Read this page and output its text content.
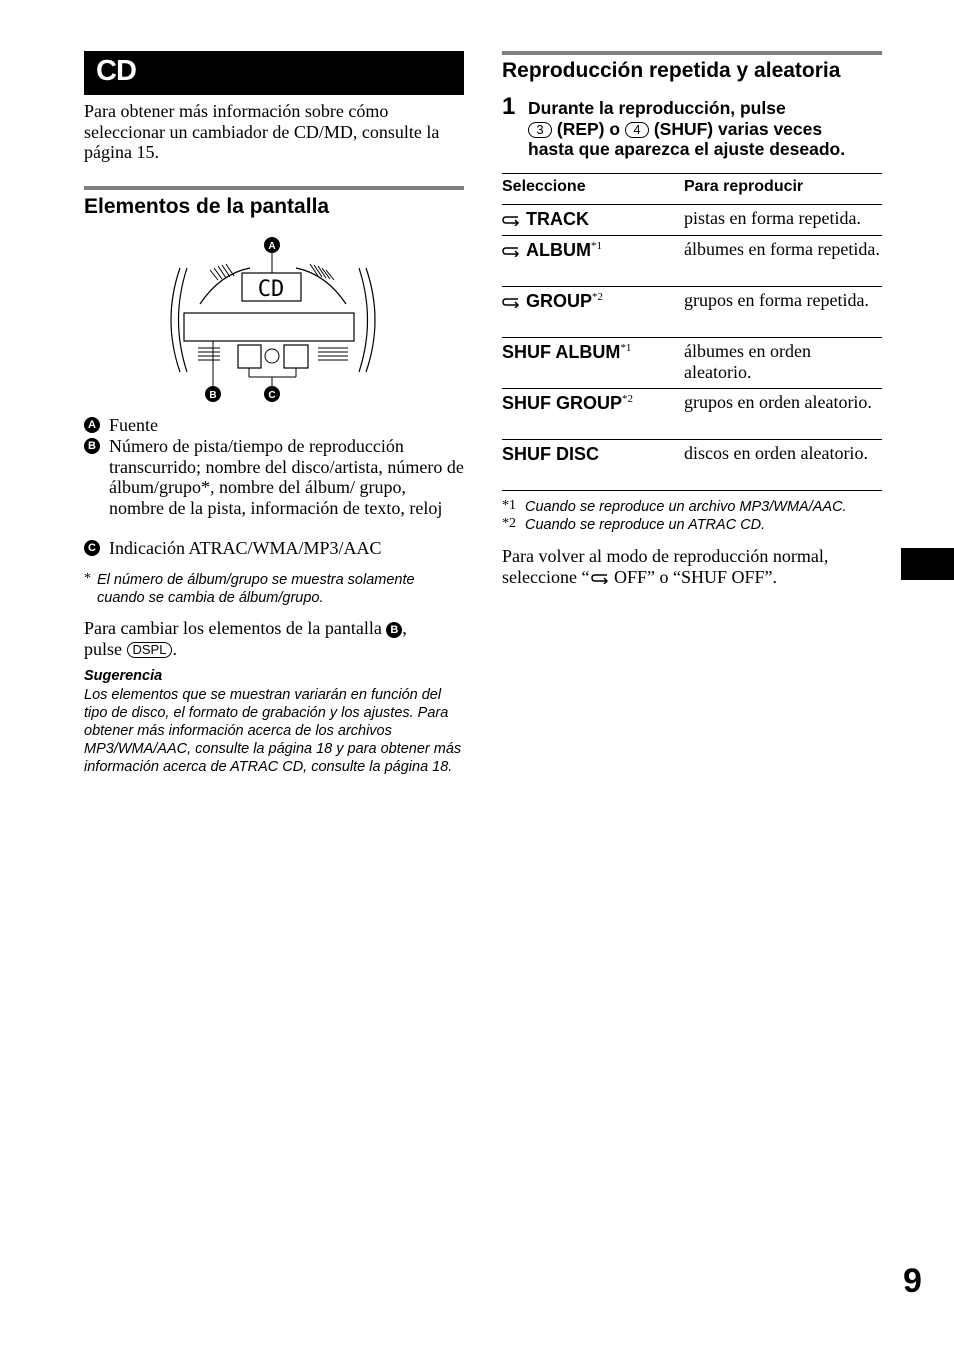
CD
Para obtener más información sobre cómo seleccionar un cambiador de CD/MD, consulte la página 15.
Elementos de la pantalla
CD
A
B	C
A Fuente
B Número de pista/tiempo de reproducción transcurrido; nombre del disco/artista, número de álbum/grupo*, nombre del álbum/ grupo, nombre de la pista, información de texto, reloj
C Indicación ATRAC/WMA/MP3/AAC
* El número de álbum/grupo se muestra solamente cuando se cambia de álbum/grupo.
Para cambiar los elementos de la pantalla B ,
pulse DSPL .
Sugerencia
Los elementos que se muestran variarán en función del tipo de disco, el formato de grabación y los ajustes. Para obtener más información acerca de los archivos MP3/WMA/AAC, consulte la página 18 y para obtener más información acerca de ATRAC CD, consulte la página 18.
Reproducción repetida y aleatoria
1 Durante la reproducción, pulse
3 (REP) o 4 (SHUF) varias veces
hasta que aparezca el ajuste deseado.
Seleccione	Para reproducir
TRACK	pistas en forma repetida.
ALBUM$^{*1}$	álbumes en forma repetida.
GROUP$^{*2}$	grupos en forma repetida.
SHUF ALBUM$^{*1}$	álbumes en orden aleatorio.
SHUF GROUP$^{*2}$	grupos en orden aleatorio.
SHUF DISC	discos en orden aleatorio.
*1 Cuando se reproduce un archivo MP3/WMA/AAC.
*2 Cuando se reproduce un ATRAC CD.
Para volver al modo de reproducción normal, seleccione “ OFF” o “SHUF OFF”.
9
